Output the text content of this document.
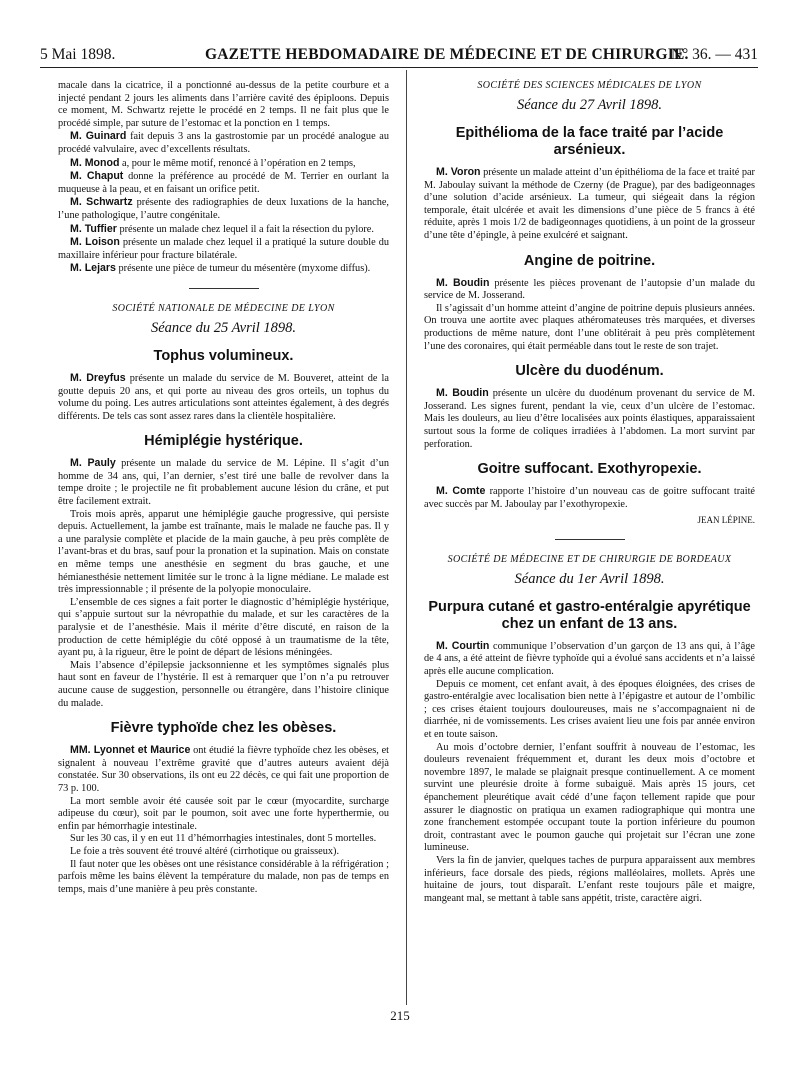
5 Mai 1898.	GAZETTE HEBDOMADAIRE DE MÉDECINE ET DE CHIRURGIE.
N° 36. — 431

macale dans la cicatrice, il a ponctionné au-dessus de la petite courbure et a injecté pendant 2 jours les aliments dans l’arrière cavité des épiploons. Depuis ce moment, M. Schwartz rejette le procédé en 2 temps. Il ne fait plus que le procédé simple, par suture de l’estomac et la ponction en 1 temps.

M. Guinard fait depuis 3 ans la gastrostomie par un procédé analogue au procédé valvulaire, avec d’excellents résultats.

M. Monod a, pour le même motif, renoncé à l’opération en 2 temps,

M. Chaput donne la préférence au procédé de M. Terrier en ourlant la muqueuse à la peau, et en faisant un orifice petit.

M. Schwartz présente des radiographies de deux luxations de la hanche, l’une pathologique, l’autre congénitale.

M. Tuffier présente un malade chez lequel il a fait la résection du pylore.

M. Loison présente un malade chez lequel il a pratiqué la suture double du maxillaire inférieur pour fracture bilatérale.

M. Lejars présente une pièce de tumeur du mésentère (myxome diffus).

SOCIÉTÉ NATIONALE DE MÉDECINE DE LYON
Séance du 25 Avril 1898.
Tophus volumineux.

M. Dreyfus présente un malade du service de M. Bouveret, atteint de la goutte depuis 20 ans, et qui porte au niveau des gros orteils, un tophus du volume du poing. Les autres articulations sont atteintes également, à des degrés différents. De tels cas sont assez rares dans la clientèle hospitalière.

Hémiplégie hystérique.

M. Pauly présente un malade du service de M. Lépine. Il s’agit d’un homme de 34 ans, qui, l’an dernier, s’est tiré une balle de revolver dans la tempe droite ; le projectile ne fit probablement aucune lésion du crâne, et put être facilement extrait.

Trois mois après, apparut une hémiplégie gauche progressive, qui persiste depuis. Actuellement, la jambe est traînante, mais le malade ne fauche pas. Il y a une paralysie complète et placide de la main gauche, à peu près complète de l’avant-bras et du bras, sauf pour la pronation et la supination. Mais on constate en même temps une anesthésie en segment du bras gauche, et une hémianesthésie nettement limitée sur le tronc à la ligne médiane. Le malade est très impressionnable ; il présente de la polyopie monoculaire.

L’ensemble de ces signes a fait porter le diagnostic d’hémiplégie hystérique, qui s’appuie surtout sur la névropathie du malade, et sur les caractères de la paralysie et de l’anesthésie. Mais il mérite d’être discuté, en raison de la production de cette hémiplégie du côté opposé à un traumatisme de la tête, ayant pu, à la rigueur, être le point de départ de lésions méningées.

Mais l’absence d’épilepsie jacksonnienne et les symptômes signalés plus haut sont en faveur de l’hystérie. Il est à remarquer que l’on n’a pu retrouver aucune cause de suggestion, personnelle ou étrangère, dans l’histoire clinique du malade.

Fièvre typhoïde chez les obèses.

MM. Lyonnet et Maurice ont étudié la fièvre typhoïde chez les obèses, et signalent à nouveau l’extrême gravité que d’autres auteurs avaient déjà constatée. Sur 30 observations, ils ont eu 22 décès, ce qui fait une proportion de 73 p. 100.

La mort semble avoir été causée soit par le cœur (myocardite, surcharge adipeuse du cœur), soit par le poumon, soit avec une forte hyperthermie, ou enfin par hémorrhagie intestinale.

Sur les 30 cas, il y en eut 11 d’hémorrhagies intestinales, dont 5 mortelles.

Le foie a très souvent été trouvé altéré (cirrhotique ou graisseux).

Il faut noter que les obèses ont une résistance considérable à la réfrigération ; parfois même les bains élèvent la température du malade, non pas de temps en temps, mais d’une manière à peu près constante.

SOCIÉTÉ DES SCIENCES MÉDICALES DE LYON
Séance du 27 Avril 1898.
Epithélioma de la face traité par l’acide arsénieux.

M. Voron présente un malade atteint d’un épithélioma de la face et traité par M. Jaboulay suivant la méthode de Czerny (de Prague), par des badigeonnages d’une solution d’acide arsénieux. La tumeur, qui siégeait dans la région temporale, était ulcérée et avait les dimensions d’une pièce de 5 francs à été réduite, après 1 mois 1/2 de badigeonnages quotidiens, à un point de la grosseur d’une tête d’épingle, à peine exulcéré et saignant.

Angine de poitrine.

M. Boudin présente les pièces provenant de l’autopsie d’un malade du service de M. Josserand.

Il s’agissait d’un homme atteint d’angine de poitrine depuis plusieurs années. On trouva une aortite avec plaques athéromateuses très marquées, et diverses productions de même nature, dont l’une oblitérait à peu près complètement l’une des coronaires, qui était perméable dans tout le reste de son trajet.

Ulcère du duodénum.

M. Boudin présente un ulcère du duodénum provenant du service de M. Josserand. Les signes furent, pendant la vie, ceux d’un ulcère de l’estomac. Mais les douleurs, au lieu d’être localisées aux points élastiques, apparaissaient surtout sous la forme de coliques irradiées à l’abdomen. La mort survint par perforation.

Goitre suffocant. Exothyropexie.

M. Comte rapporte l’histoire d’un nouveau cas de goitre suffocant traité avec succès par M. Jaboulay par l’exothyropexie.

JEAN LÉPINE.

SOCIÉTÉ DE MÉDECINE ET DE CHIRURGIE DE BORDEAUX
Séance du 1er Avril 1898.
Purpura cutané et gastro-entéralgie apyrétique chez un enfant de 13 ans.

M. Courtin communique l’observation d’un garçon de 13 ans qui, à l’âge de 4 ans, a été atteint de fièvre typhoïde qui a évolué sans accidents et n’a laissé après elle aucune complication.

Depuis ce moment, cet enfant avait, à des époques éloignées, des crises de gastro-entéralgie avec localisation bien nette à l’épigastre et autour de l’ombilic ; ces crises étaient toujours douloureuses, mais ne s’accompagnaient ni de diarrhée, ni de vomissements. Les crises avaient lieu une fois par année environ et en toute saison.

Au mois d’octobre dernier, l’enfant souffrit à nouveau de l’estomac, les douleurs revenaient fréquemment et, durant les deux mois d’octobre et novembre 1897, le malade se plaignait presque continuellement. A ce moment survint une pleurésie droite à forme subaiguë. Mais après 15 jours, cet épanchement pleurétique avait cédé d’une façon tellement rapide que pour assurer le diagnostic on pratiqua un examen radiographique qui montra une zone franchement estompée occupant toute la portion inférieure du poumon droit, contrastant avec le poumon gauche qui projetait sur l’écran une zone lumineuse.

Vers la fin de janvier, quelques taches de purpura apparaissent aux membres inférieurs, face dorsale des pieds, régions malléolaires, mollets. Après une huitaine de jours, tout disparaît. L’enfant reste toujours pâle et maigre, mangeant mal, se mettant à table sans appétit, triste, caractère aigri.

215
